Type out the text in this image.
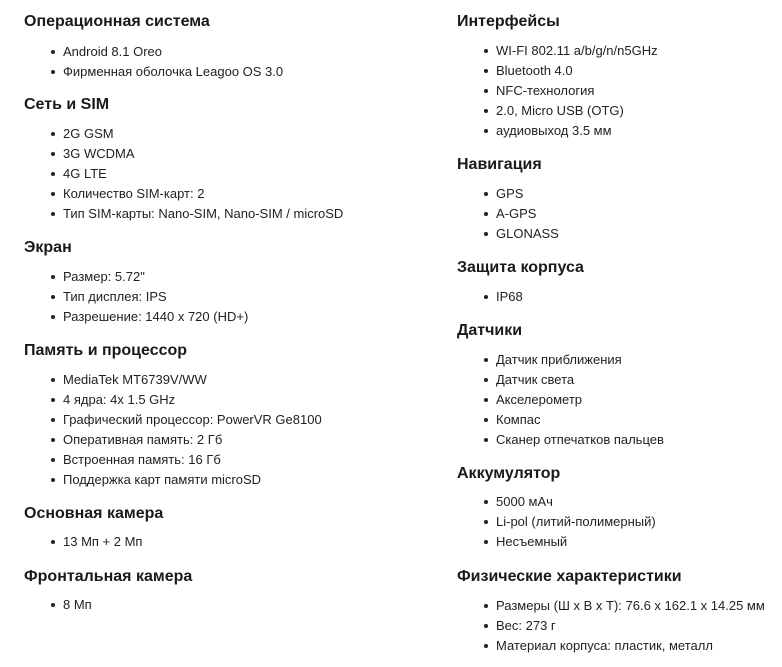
Операционная система
Android 8.1 Oreo
Фирменная оболочка Leagoo OS 3.0
Сеть и SIM
2G GSM
3G WCDMA
4G LTE
Количество SIM-карт: 2
Тип SIM-карты: Nano-SIM, Nano-SIM / microSD
Экран
Размер: 5.72"
Тип дисплея: IPS
Разрешение: 1440 x 720 (HD+)
Память и процессор
MediaTek MT6739V/WW
4 ядра: 4x 1.5 GHz
Графический процессор: PowerVR Ge8100
Оперативная память: 2 Гб
Встроенная память: 16 Гб
Поддержка карт памяти microSD
Основная камера
13 Мп + 2 Мп
Фронтальная камера
8 Мп
Интерфейсы
WI-FI 802.11 a/b/g/n/n5GHz
Bluetooth 4.0
NFC-технология
2.0, Micro USB (OTG)
аудиовыход 3.5 мм
Навигация
GPS
A-GPS
GLONASS
Защита корпуса
IP68
Датчики
Датчик приближения
Датчик света
Акселерометр
Компас
Сканер отпечатков пальцев
Аккумулятор
5000 мАч
Li-pol (литий-полимерный)
Несъемный
Физические характеристики
Размеры (Ш х В х Т): 76.6 x 162.1 x 14.25 мм
Вес: 273 г
Материал корпуса: пластик, металл
